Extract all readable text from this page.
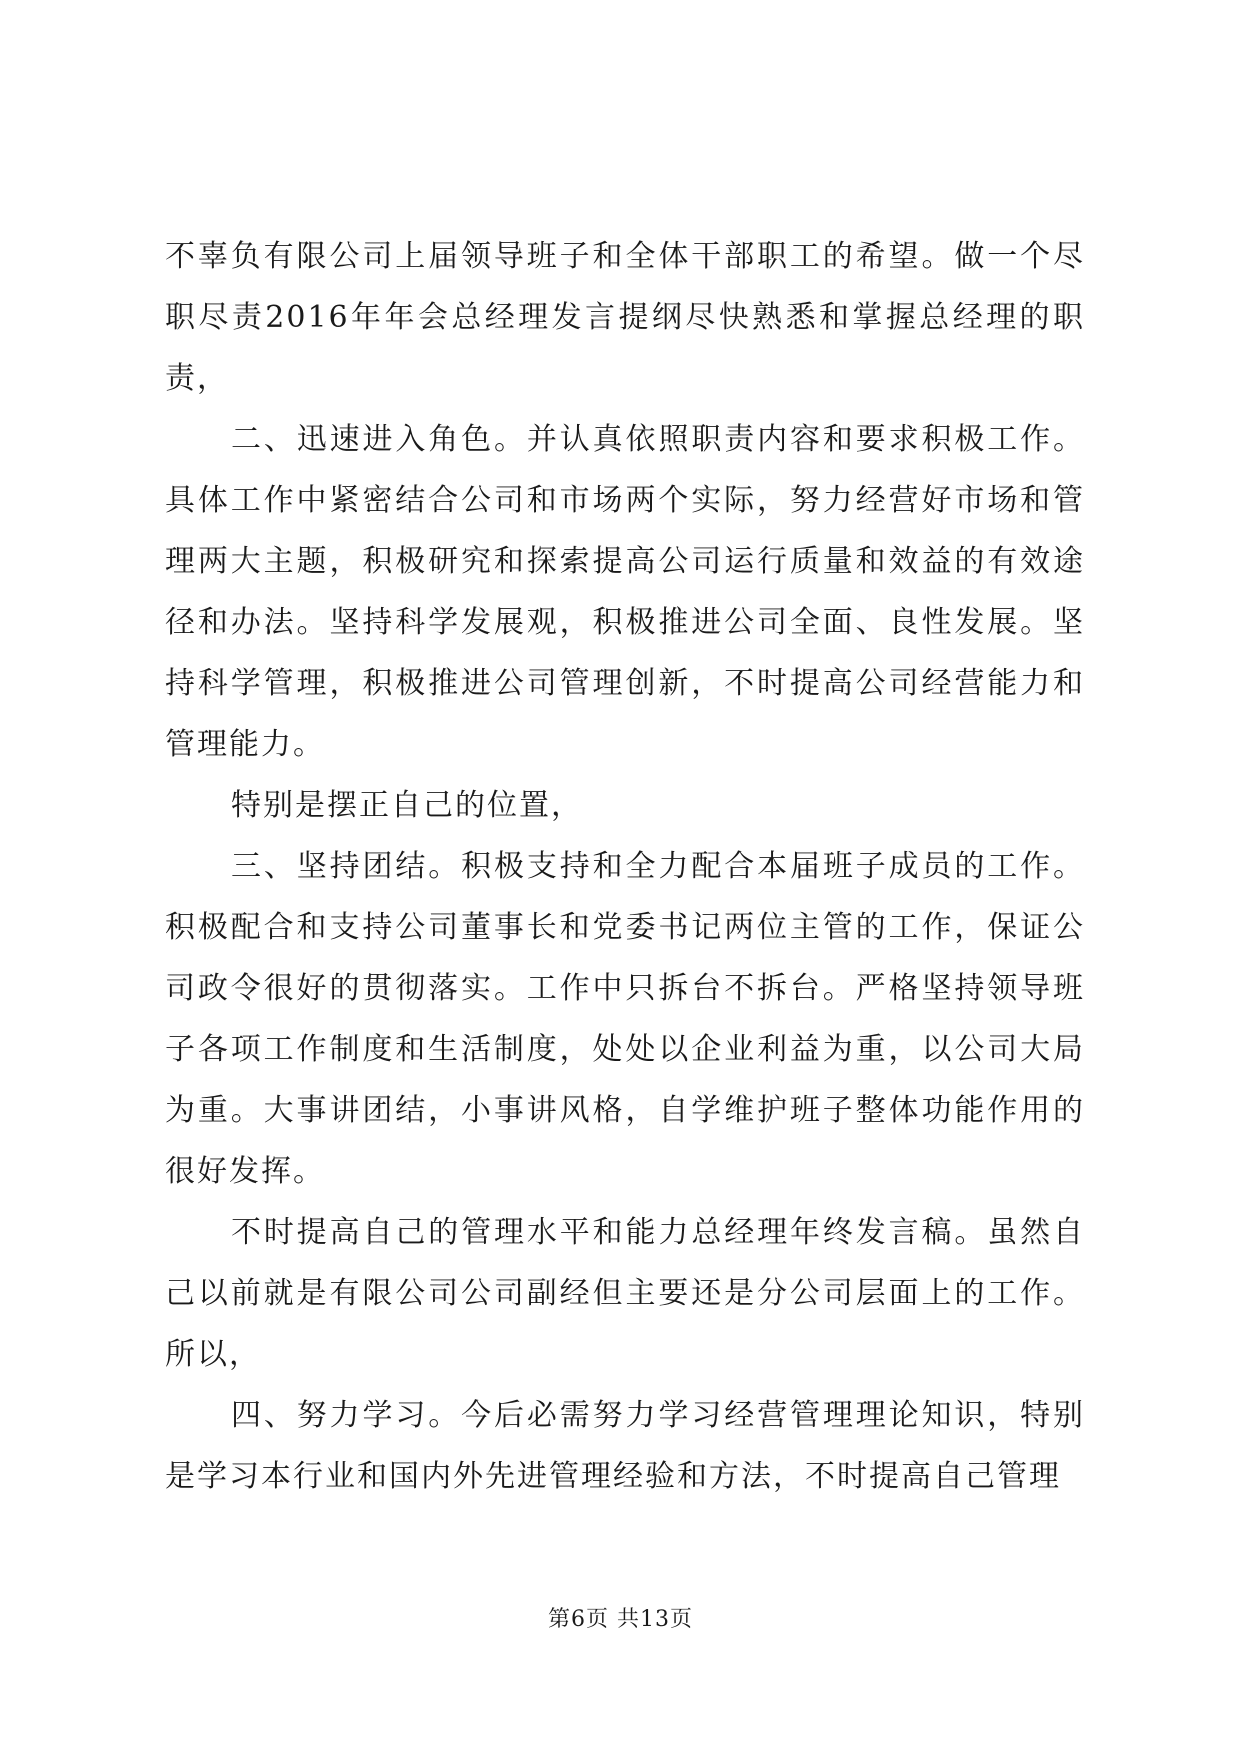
不辜负有限公司上届领导班子和全体干部职工的希望。做一个尽职尽责2016年年会总经理发言提纲尽快熟悉和掌握总经理的职责，

二、迅速进入角色。并认真依照职责内容和要求积极工作。具体工作中紧密结合公司和市场两个实际，努力经营好市场和管理两大主题，积极研究和探索提高公司运行质量和效益的有效途径和办法。坚持科学发展观，积极推进公司全面、良性发展。坚持科学管理，积极推进公司管理创新，不时提高公司经营能力和管理能力。

特别是摆正自己的位置，

三、坚持团结。积极支持和全力配合本届班子成员的工作。积极配合和支持公司董事长和党委书记两位主管的工作，保证公司政令很好的贯彻落实。工作中只拆台不拆台。严格坚持领导班子各项工作制度和生活制度，处处以企业利益为重，以公司大局为重。大事讲团结，小事讲风格，自学维护班子整体功能作用的很好发挥。

不时提高自己的管理水平和能力总经理年终发言稿。虽然自己以前就是有限公司公司副经但主要还是分公司层面上的工作。所以，

四、努力学习。今后必需努力学习经营管理理论知识，特别是学习本行业和国内外先进管理经验和方法，不时提高自己管理

第6页 共13页
